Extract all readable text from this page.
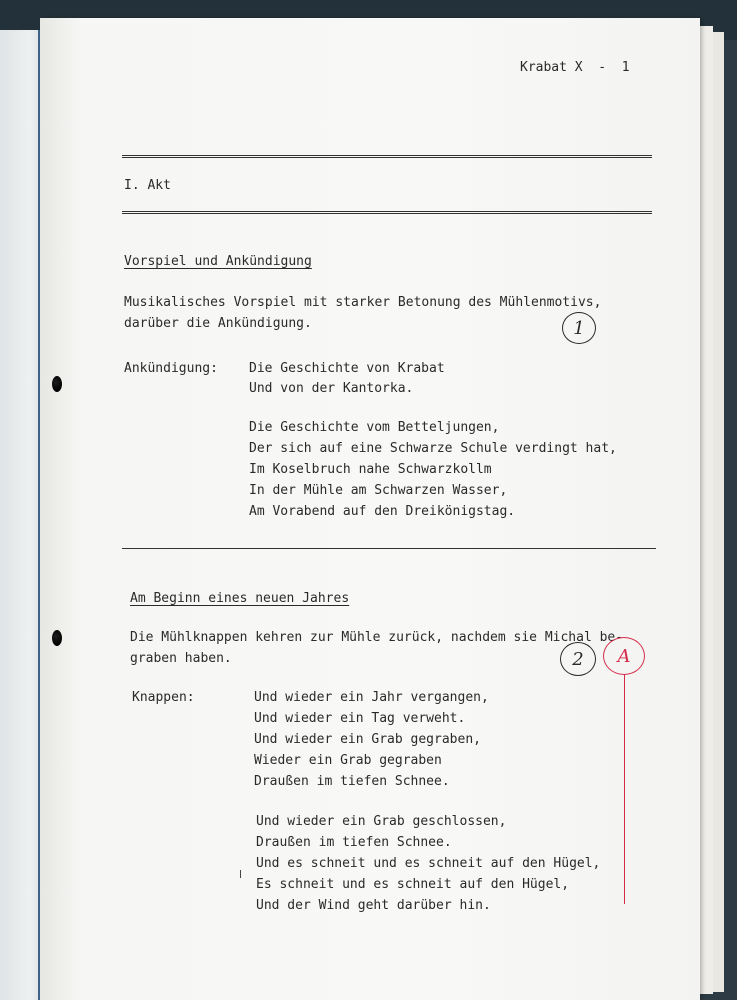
Krabat X  -  1
I. Akt
Vorspiel und Ankündigung
Musikalisches Vorspiel mit starker Betonung des Mühlenmotivs,
darüber die Ankündigung.	1
Ankündigung: Die Geschichte von Krabat
Und von der Kantorka.
Die Geschichte vom Betteljungen,
Der sich auf eine Schwarze Schule verdingt hat,
Im Koselbruch nahe Schwarzkollm
In der Mühle am Schwarzen Wasser,
Am Vorabend auf den Dreikönigstag.
Am Beginn eines neuen Jahres
Die Mühlknappen kehren zur Mühle zurück, nachdem sie Michal be-
graben haben.	2	A
Knappen:	Und wieder ein Jahr vergangen,
Und wieder ein Tag verweht.
Und wieder ein Grab gegraben,
Wieder ein Grab gegraben
Draußen im tiefen Schnee.
Und wieder ein Grab geschlossen,
Draußen im tiefen Schnee.
Und es schneit und es schneit auf den Hügel,
Es schneit und es schneit auf den Hügel,
Und der Wind geht darüber hin.
